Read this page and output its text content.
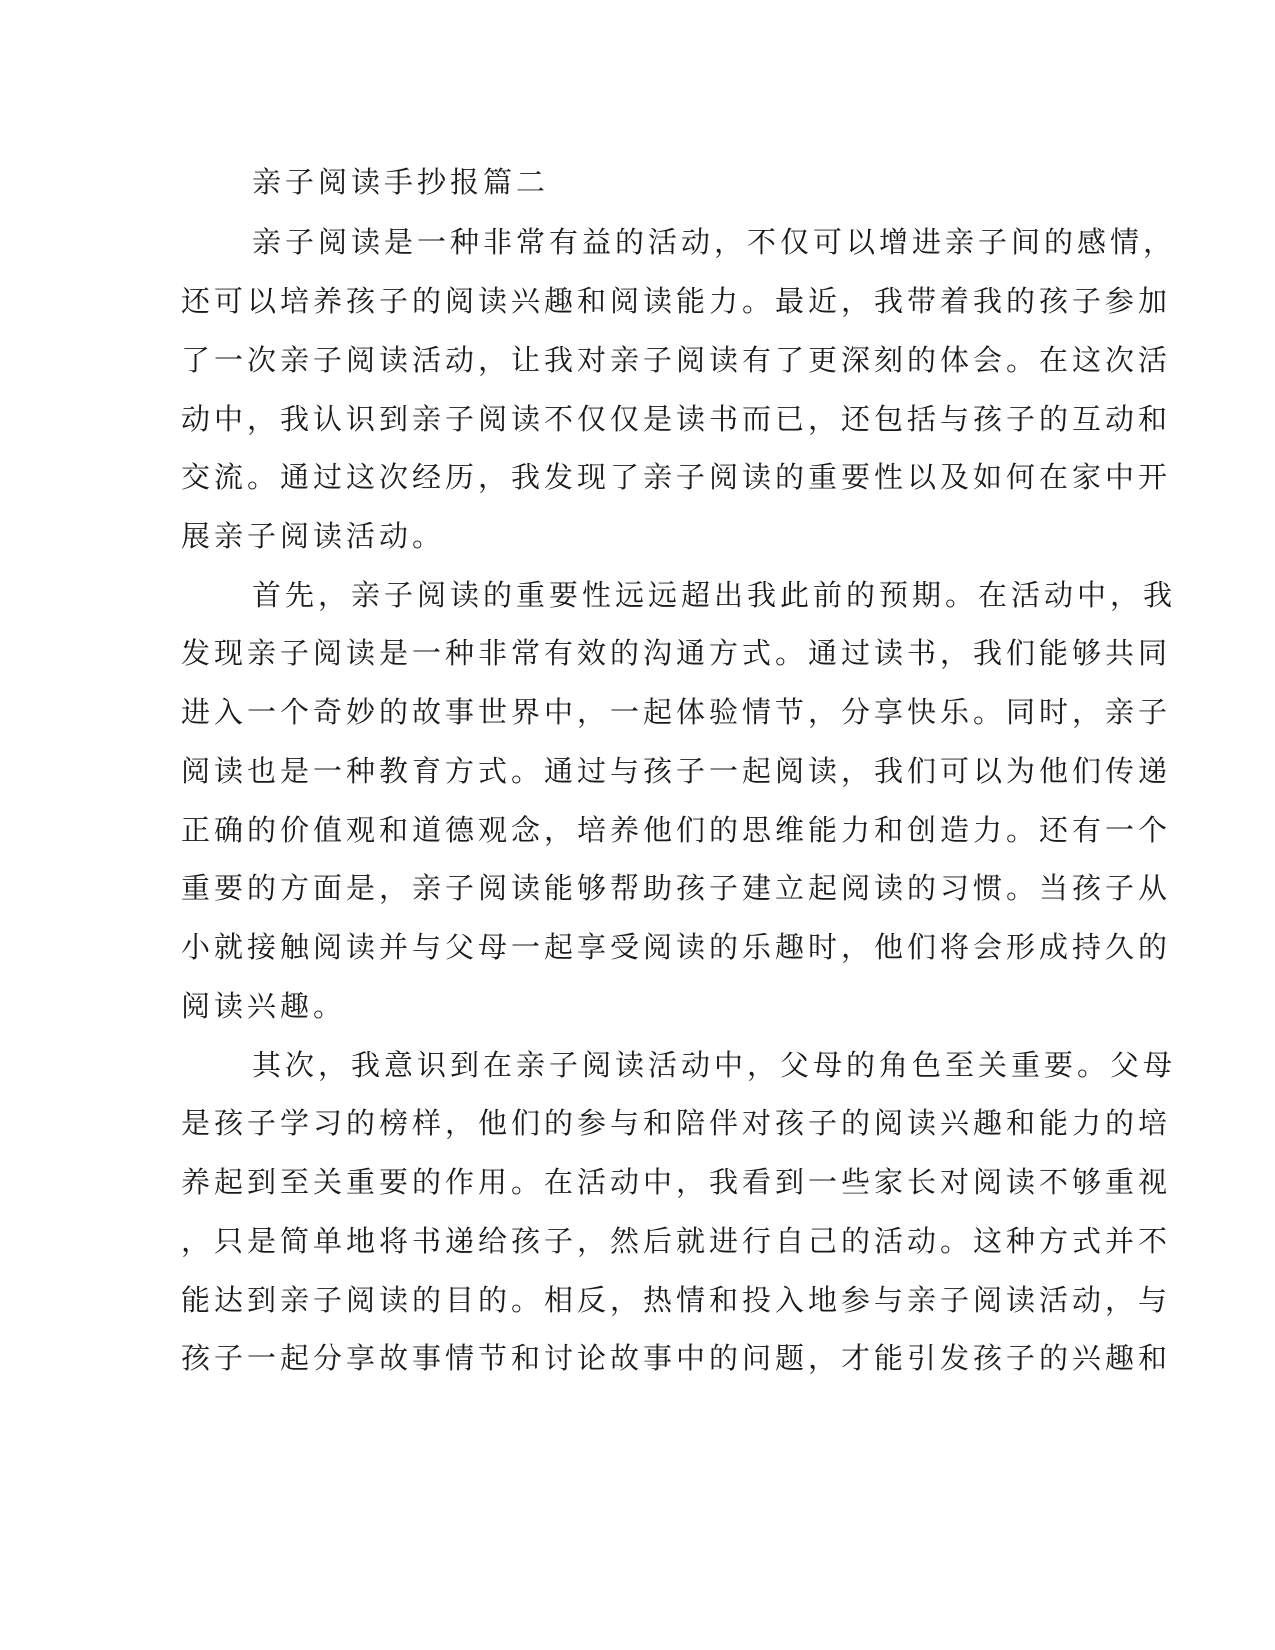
亲子阅读手抄报篇二
亲子阅读是一种非常有益的活动，不仅可以增进亲子间的感情，
还可以培养孩子的阅读兴趣和阅读能力。最近，我带着我的孩子参加
了一次亲子阅读活动，让我对亲子阅读有了更深刻的体会。在这次活
动中，我认识到亲子阅读不仅仅是读书而已，还包括与孩子的互动和
交流。通过这次经历，我发现了亲子阅读的重要性以及如何在家中开
展亲子阅读活动。
首先，亲子阅读的重要性远远超出我此前的预期。在活动中，我
发现亲子阅读是一种非常有效的沟通方式。通过读书，我们能够共同
进入一个奇妙的故事世界中，一起体验情节，分享快乐。同时，亲子
阅读也是一种教育方式。通过与孩子一起阅读，我们可以为他们传递
正确的价值观和道德观念，培养他们的思维能力和创造力。还有一个
重要的方面是，亲子阅读能够帮助孩子建立起阅读的习惯。当孩子从
小就接触阅读并与父母一起享受阅读的乐趣时，他们将会形成持久的
阅读兴趣。
其次，我意识到在亲子阅读活动中，父母的角色至关重要。父母
是孩子学习的榜样，他们的参与和陪伴对孩子的阅读兴趣和能力的培
养起到至关重要的作用。在活动中，我看到一些家长对阅读不够重视
，只是简单地将书递给孩子，然后就进行自己的活动。这种方式并不
能达到亲子阅读的目的。相反，热情和投入地参与亲子阅读活动，与
孩子一起分享故事情节和讨论故事中的问题，才能引发孩子的兴趣和
